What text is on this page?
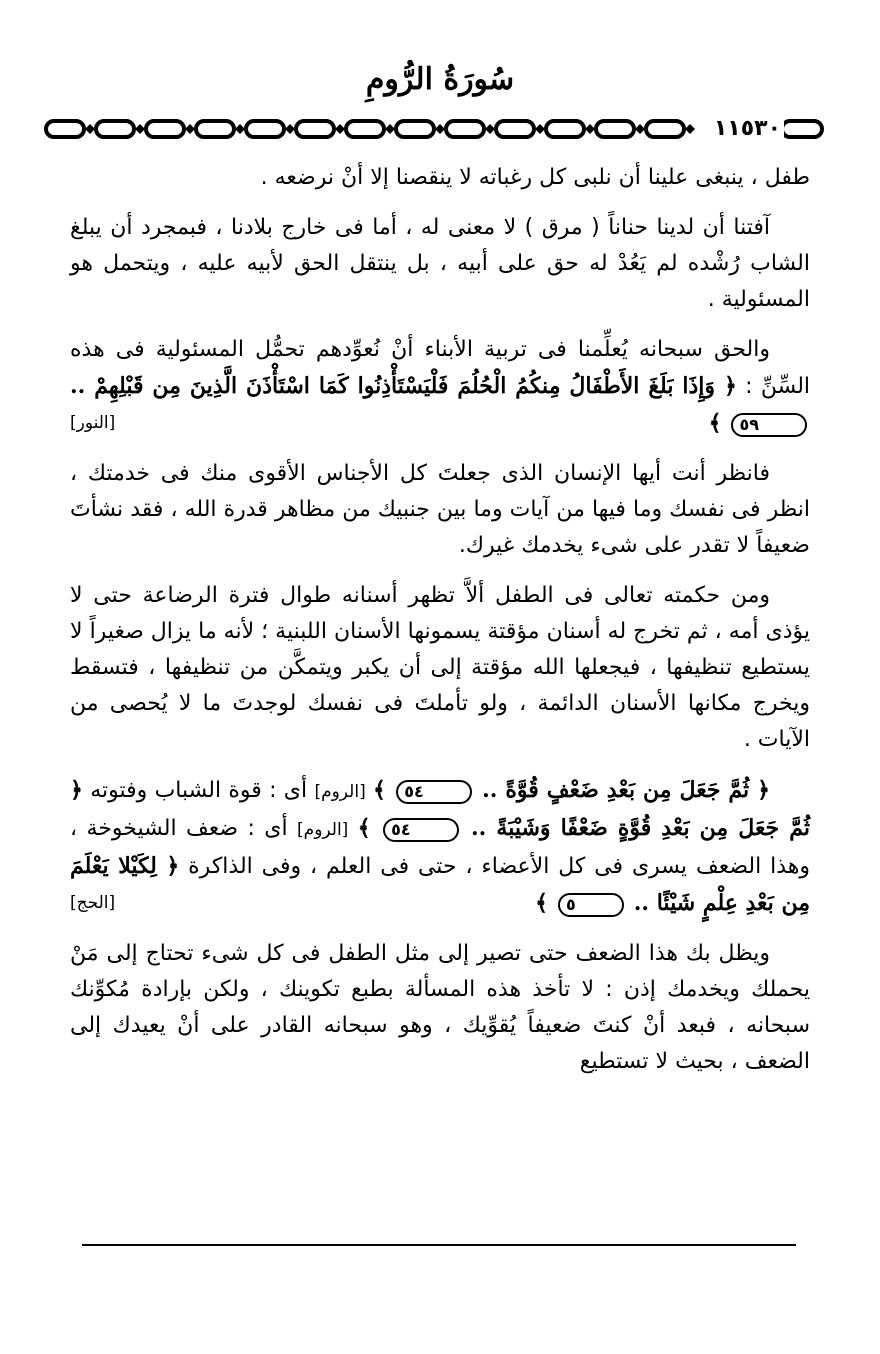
سُورَةُ الرُّومِ
١١٥٣٠

طفل ، ينبغى علينا أن نلبى كل رغباته لا ينقصنا إلا أنْ نرضعه .

آفتنا أن لدينا حناناً ( مرق ) لا معنى له ، أما فى خارج بلادنا ، فبمجرد أن يبلغ الشاب رُشْده لم يَعُدْ له حق على أبيه ، بل ينتقل الحق لأبيه عليه ، ويتحمل هو المسئولية .

والحق سبحانه يُعلِّمنا فى تربية الأبناء أنْ نُعوِّدهم تحمُّل المسئولية فى هذه السِّنِّ : ﴿ وَإِذَا بَلَغَ الأَطْفَالُ مِنكُمُ الْحُلُمَ فَلْيَسْتَأْذِنُوا كَمَا اسْتَأْذَنَ الَّذِينَ مِن قَبْلِهِمْ .. ٥٩ ﴾
[النور]

فانظر أنت أيها الإنسان الذى جعلتَ كل الأجناس الأقوى منك فى خدمتك ، انظر فى نفسك وما فيها من آيات وما بين جنبيك من مظاهر قدرة الله ، فقد نشأتَ ضعيفاً لا تقدر على شىء يخدمك غيرك.

ومن حكمته تعالى فى الطفل ألاَّ تظهر أسنانه طوال فترة الرضاعة حتى لا يؤذى أمه ، ثم تخرج له أسنان مؤقتة يسمونها الأسنان اللبنية ؛ لأنه ما يزال صغيراً لا يستطيع تنظيفها ، فيجعلها الله مؤقتة إلى أن يكبر ويتمكَّن من تنظيفها ، فتسقط ويخرج مكانها الأسنان الدائمة ، ولو تأملتَ فى نفسك لوجدتَ ما لا يُحصى من الآيات .

﴿ ثُمَّ جَعَلَ مِن بَعْدِ ضَعْفٍ قُوَّةً .. ٥٤ ﴾ [الروم] أى : قوة الشباب وفتوته ﴿ ثُمَّ جَعَلَ مِن بَعْدِ قُوَّةٍ ضَعْفًا وَشَيْبَةً .. ٥٤ ﴾ [الروم] أى : ضعف الشيخوخة ، وهذا الضعف يسرى فى كل الأعضاء ، حتى فى العلم ، وفى الذاكرة ﴿ لِكَيْلا يَعْلَمَ مِن بَعْدِ عِلْمٍ شَيْئًا .. ٥ ﴾
[الحج]

ويظل بك هذا الضعف حتى تصير إلى مثل الطفل فى كل شىء تحتاج إلى مَنْ يحملك ويخدمك إذن : لا تأخذ هذه المسألة بطبع تكوينك ، ولكن بإرادة مُكوِّنك سبحانه ، فبعد أنْ كنتَ ضعيفاً يُقوِّيك ، وهو سبحانه القادر على أنْ يعيدك إلى الضعف ، بحيث لا تستطيع
